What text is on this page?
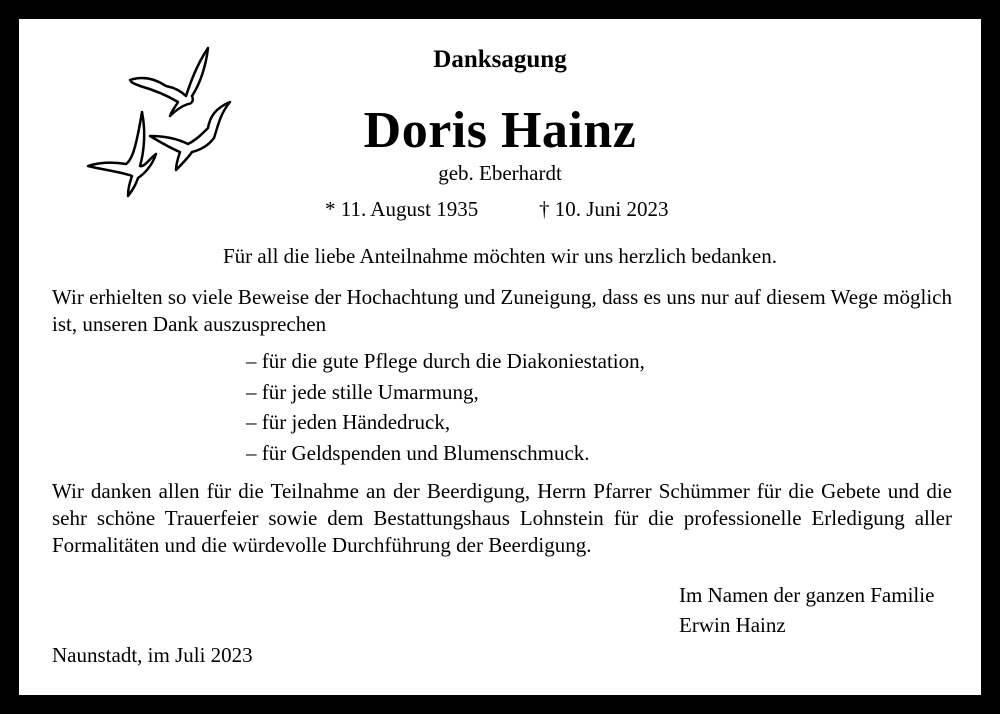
Danksagung
Doris Hainz
geb. Eberhardt
* 11. August 1935	† 10. Juni 2023
Für all die liebe Anteilnahme möchten wir uns herzlich bedanken.
Wir erhielten so viele Beweise der Hochachtung und Zuneigung, dass es uns nur auf diesem Wege möglich ist, unseren Dank auszusprechen
– für die gute Pflege durch die Diakoniestation,
– für jede stille Umarmung,
– für jeden Händedruck,
– für Geldspenden und Blumenschmuck.
Wir danken allen für die Teilnahme an der Beerdigung, Herrn Pfarrer Schümmer für die Gebete und die sehr schöne Trauerfeier sowie dem Bestattungshaus Lohnstein für die professionelle Erledigung aller Formalitäten und die würdevolle Durchführung der Beerdigung.
Im Namen der ganzen Familie
Erwin Hainz
Naunstadt, im Juli 2023
